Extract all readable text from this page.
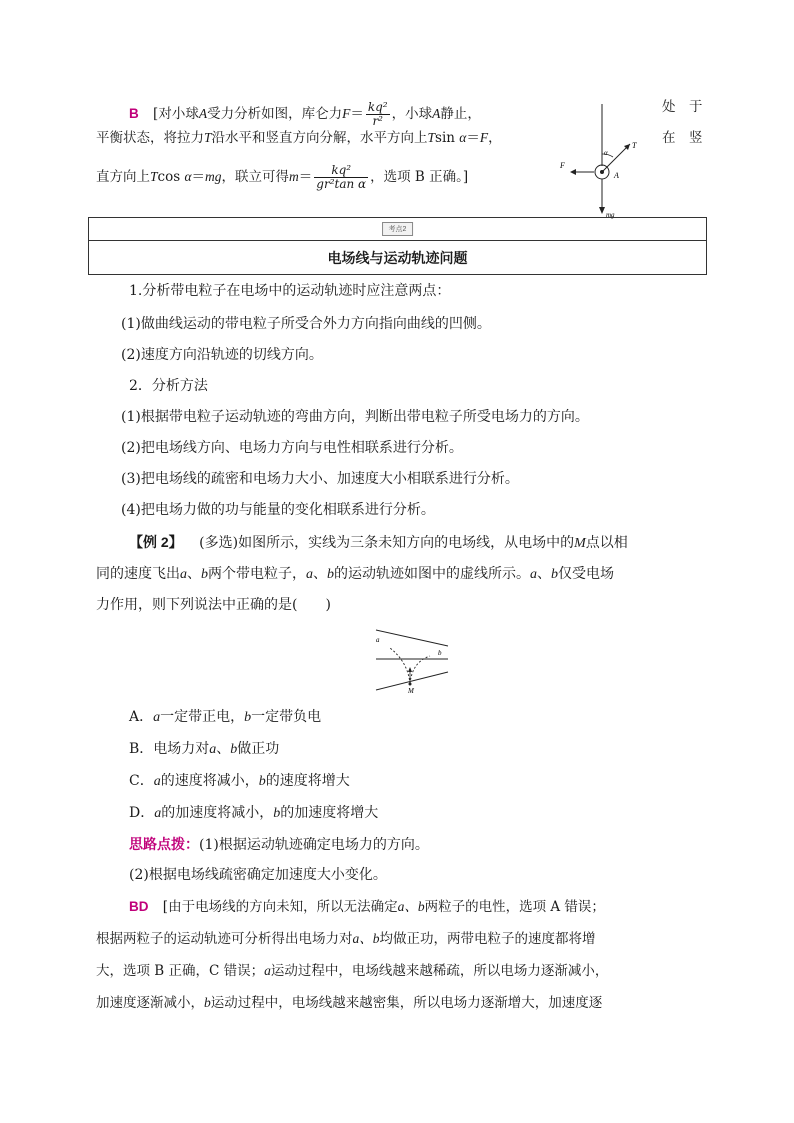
B [对小球A受力分析如图，库仑力$F= \frac{\text{kq²}}{\text{r²}}$ ，小球A静止，	处　于
平衡状态，将拉力T沿水平和竖直方向分解，水平方向上Tsin α＝F，	在　竖
直方向上Tcos α＝mg，联立可得$m= \frac{\text{kq²}}{\text{gr²tan α}}$ ，选项 B 正确。]
T
F
A
α
mg
考点2
电场线与运动轨迹问题
1.分析带电粒子在电场中的运动轨迹时应注意两点：
(1)做曲线运动的带电粒子所受合外力方向指向曲线的凹侧。
(2)速度方向沿轨迹的切线方向。
2．分析方法
(1)根据带电粒子运动轨迹的弯曲方向，判断出带电粒子所受电场力的方向。
(2)把电场线方向、电场力方向与电性相联系进行分析。
(3)把电场线的疏密和电场力大小、加速度大小相联系进行分析。
(4)把电场力做的功与能量的变化相联系进行分析。
【例 2】 (多选)如图所示，实线为三条未知方向的电场线，从电场中的M点以相
同的速度飞出a、b两个带电粒子，a、b的运动轨迹如图中的虚线所示。a、b仅受电场
力作用，则下列说法中正确的是(　　)
a
b
M
A．a一定带正电，b一定带负电
B．电场力对a、b做正功
C．a的速度将减小，b的速度将增大
D．a的加速度将减小，b的加速度将增大
思路点拨：(1)根据运动轨迹确定电场力的方向。
(2)根据电场线疏密确定加速度大小变化。
BD [由于电场线的方向未知，所以无法确定a、b两粒子的电性，选项 A 错误；
根据两粒子的运动轨迹可分析得出电场力对a、b均做正功，两带电粒子的速度都将增
大，选项 B 正确，C 错误；a运动过程中，电场线越来越稀疏，所以电场力逐渐减小，
加速度逐渐减小，b运动过程中，电场线越来越密集，所以电场力逐渐增大，加速度逐
